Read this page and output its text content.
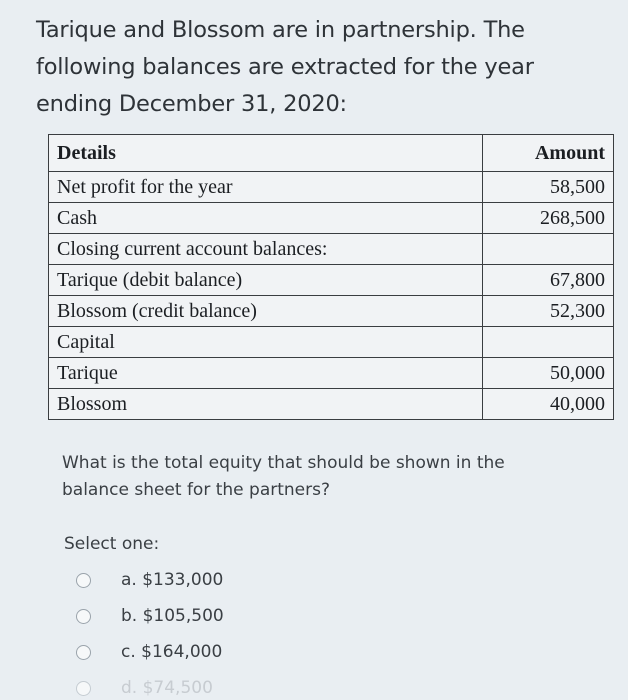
Tarique and Blossom are in partnership. The following balances are extracted for the year ending December 31, 2020:
Details	Amount
Net profit for the year	58,500
Cash	268,500
Closing current account balances:	
Tarique (debit balance)	67,800
Blossom (credit balance)	52,300
Capital	
Tarique	50,000
Blossom	40,000
What is the total equity that should be shown in the balance sheet for the partners?
Select one:
a. $133,000
b. $105,500
c. $164,000
d. $74,500
